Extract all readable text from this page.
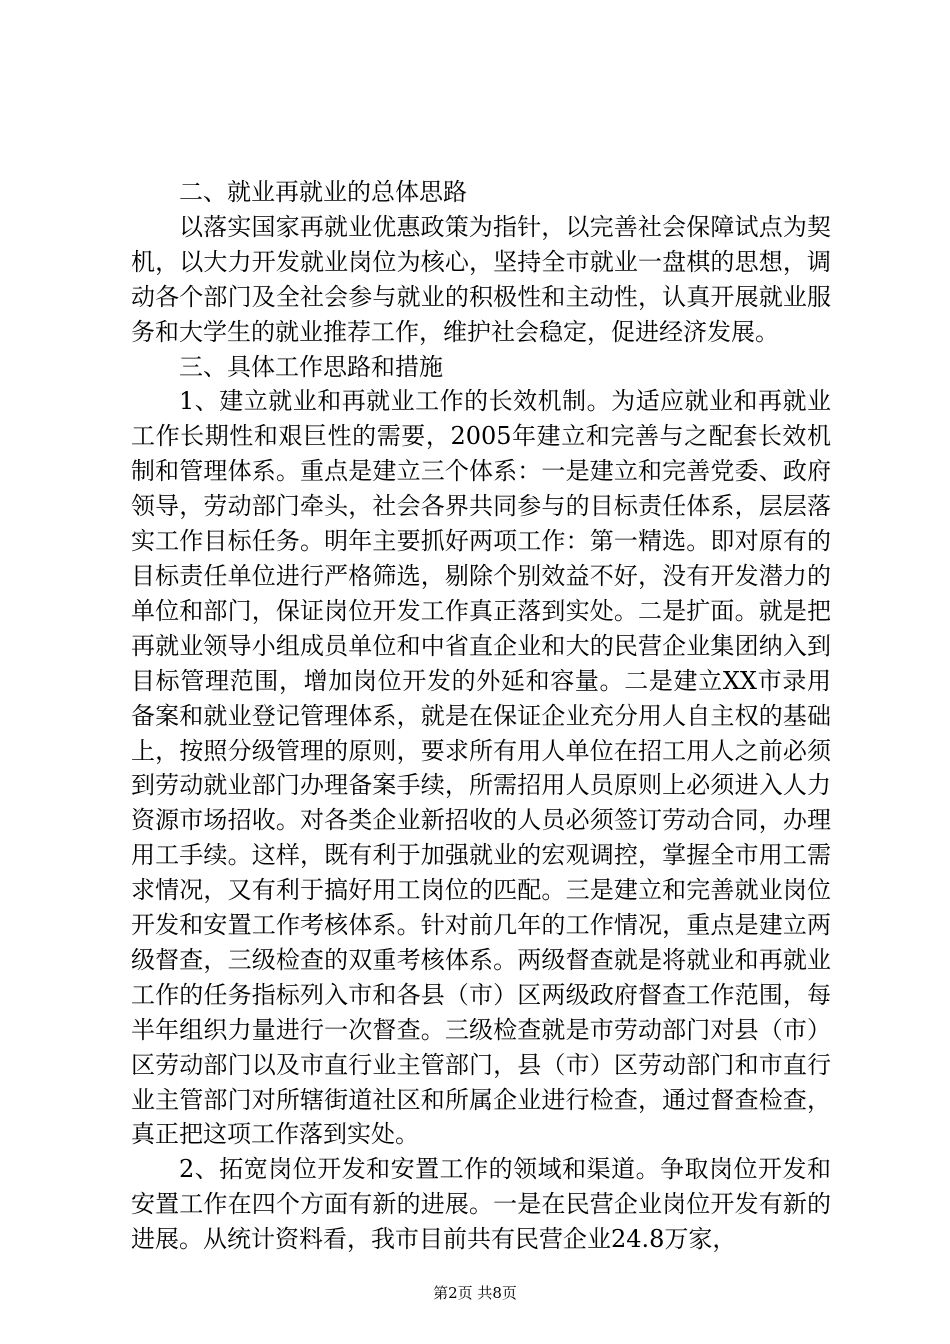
二、就业再就业的总体思路

以落实国家再就业优惠政策为指针，以完善社会保障试点为契机，以大力开发就业岗位为核心，坚持全市就业一盘棋的思想，调动各个部门及全社会参与就业的积极性和主动性，认真开展就业服务和大学生的就业推荐工作，维护社会稳定，促进经济发展。

三、具体工作思路和措施

1、建立就业和再就业工作的长效机制。为适应就业和再就业工作长期性和艰巨性的需要，2005年建立和完善与之配套长效机制和管理体系。重点是建立三个体系：一是建立和完善党委、政府领导，劳动部门牵头，社会各界共同参与的目标责任体系，层层落实工作目标任务。明年主要抓好两项工作：第一精选。即对原有的目标责任单位进行严格筛选，剔除个别效益不好，没有开发潜力的单位和部门，保证岗位开发工作真正落到实处。二是扩面。就是把再就业领导小组成员单位和中省直企业和大的民营企业集团纳入到目标管理范围，增加岗位开发的外延和容量。二是建立XX市录用备案和就业登记管理体系，就是在保证企业充分用人自主权的基础上，按照分级管理的原则，要求所有用人单位在招工用人之前必须到劳动就业部门办理备案手续，所需招用人员原则上必须进入人力资源市场招收。对各类企业新招收的人员必须签订劳动合同，办理用工手续。这样，既有利于加强就业的宏观调控，掌握全市用工需求情况，又有利于搞好用工岗位的匹配。三是建立和完善就业岗位开发和安置工作考核体系。针对前几年的工作情况，重点是建立两级督查，三级检查的双重考核体系。两级督查就是将就业和再就业工作的任务指标列入市和各县（市）区两级政府督查工作范围，每半年组织力量进行一次督查。三级检查就是市劳动部门对县（市）区劳动部门以及市直行业主管部门，县（市）区劳动部门和市直行业主管部门对所辖街道社区和所属企业进行检查，通过督查检查，真正把这项工作落到实处。

2、拓宽岗位开发和安置工作的领域和渠道。争取岗位开发和安置工作在四个方面有新的进展。一是在民营企业岗位开发有新的进展。从统计资料看，我市目前共有民营企业24.8万家，

第2页 共8页
